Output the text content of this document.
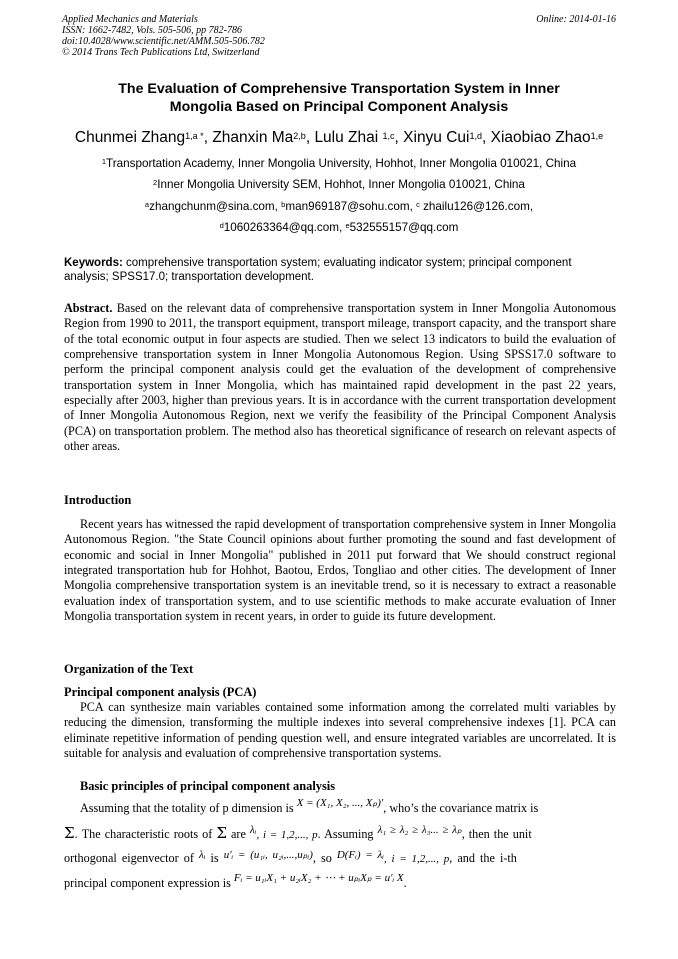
Applied Mechanics and Materials
ISSN: 1662-7482, Vols. 505-506, pp 782-786
doi:10.4028/www.scientific.net/AMM.505-506.782
© 2014 Trans Tech Publications Ltd, Switzerland
Online: 2014-01-16
The Evaluation of Comprehensive Transportation System in Inner
Mongolia Based on Principal Component Analysis
Chunmei Zhang$^{1,a *}$, Zhanxin Ma$^{2,b}$, Lulu Zhai $^{1,c}$, Xinyu Cui$^{1,d}$, Xiaobiao Zhao$^{1,e}$
$^1$Transportation Academy, Inner Mongolia University, Hohhot, Inner Mongolia 010021, China
$^2$Inner Mongolia University SEM, Hohhot, Inner Mongolia 010021, China
$^a$zhangchunm@sina.com, $^b$man969187@sohu.com, $^c$ zhailu126@126.com,
$^d$1060263364@qq.com, $^e$532555157@qq.com
Keywords: comprehensive transportation system; evaluating indicator system; principal component analysis; SPSS17.0; transportation development.
Abstract. Based on the relevant data of comprehensive transportation system in Inner Mongolia Autonomous Region from 1990 to 2011, the transport equipment, transport mileage, transport capacity, and the transport share of the total economic output in four aspects are studied. Then we select 13 indicators to build the evaluation of comprehensive transportation system in Inner Mongolia Autonomous Region. Using SPSS17.0 software to perform the principal component analysis could get the evaluation of the development of comprehensive transportation system in Inner Mongolia, which has maintained rapid development in the past 22 years, especially after 2003, higher than previous years. It is in accordance with the current transportation development of Inner Mongolia Autonomous Region, next we verify the feasibility of the Principal Component Analysis (PCA) on transportation problem. The method also has theoretical significance of research on relevant aspects of other areas.
Introduction
Recent years has witnessed the rapid development of transportation comprehensive system in Inner Mongolia Autonomous Region. "the State Council opinions about further promoting the sound and fast development of economic and social in Inner Mongolia" published in 2011 put forward that We should construct regional integrated transportation hub for Hohhot, Baotou, Erdos, Tongliao and other cities. The development of Inner Mongolia comprehensive transportation system is an inevitable trend, so it is necessary to extract a reasonable evaluation index of transportation system, and to use scientific methods to make accurate evaluation of Inner Mongolia transportation system in recent years, in order to guide its future development.
Organization of the Text
Principal component analysis (PCA)
PCA can synthesize main variables contained some information among the correlated multi variables by reducing the dimension, transforming the multiple indexes into several comprehensive indexes [1]. PCA can eliminate repetitive information of pending question well, and ensure integrated variables are uncorrelated. It is suitable for analysis and evaluation of comprehensive transportation systems.
Basic principles of principal component analysis
Assuming that the totality of p dimension is X = (X₁, X₂, ..., Xₚ)', who’s the covariance matrix is
Σ. The characteristic roots of Σ are λᵢ, i = 1,2,..., p. Assuming λ₁ ≥ λ₂ ≥ λ₃... ≥ λₚ, then the unit
orthogonal eigenvector of λᵢ is u'ᵢ = (u₁ᵢ, u₂ᵢ,...,uₚᵢ), so D(Fᵢ) = λᵢ, i = 1,2,..., p, and the i-th
principal component expression is Fᵢ = u₁ᵢX₁ + u₂ᵢX₂ + ⋯ + uₚᵢXₚ = u'ᵢ X.
